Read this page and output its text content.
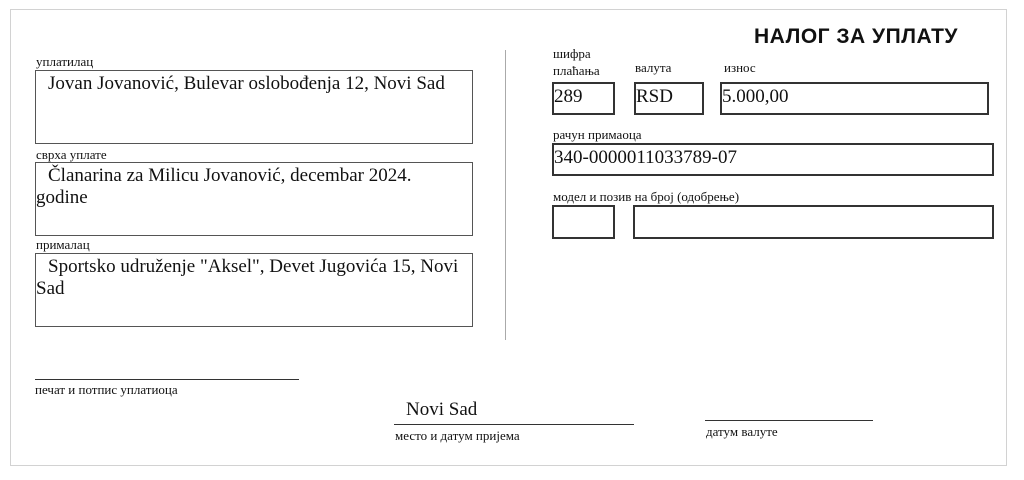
НАЛОГ ЗА УПЛАТУ
уплатилац
Jovan Jovanović, Bulevar oslobođenja 12, Novi Sad
сврха уплате
Članarina za Milicu Jovanović, decembar 2024. godine
прималац
Sportsko udruženje "Aksel", Devet Jugovića 15, Novi Sad
шифра плаћања	валута	износ
289	RSD	5.000,00
рачун примаоца
340-0000011033789-07
модел и позив на број (одобрење)
печат и потпис уплатиоца
Novi Sad
место и датум пријема	датум валуте
